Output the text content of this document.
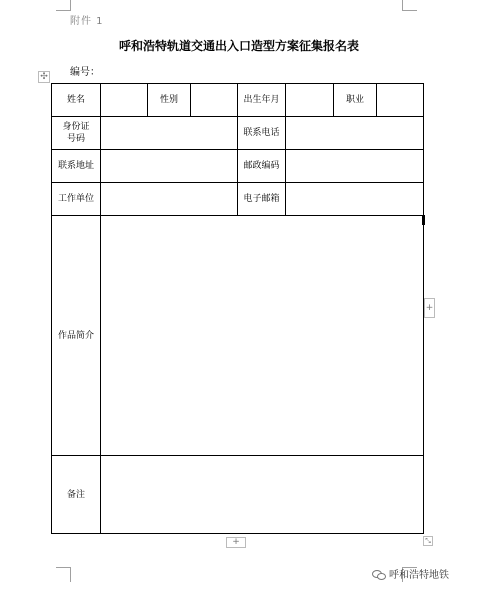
附件 1
呼和浩特轨道交通出入口造型方案征集报名表
编号：
✣
姓名		性别		出生年月		职业	

身份证
号码				联系电话			
联系地址				邮政编码			
工作单位				电子邮箱			
作品简介							
备注							
+
+	⤡
呼和浩特地铁
